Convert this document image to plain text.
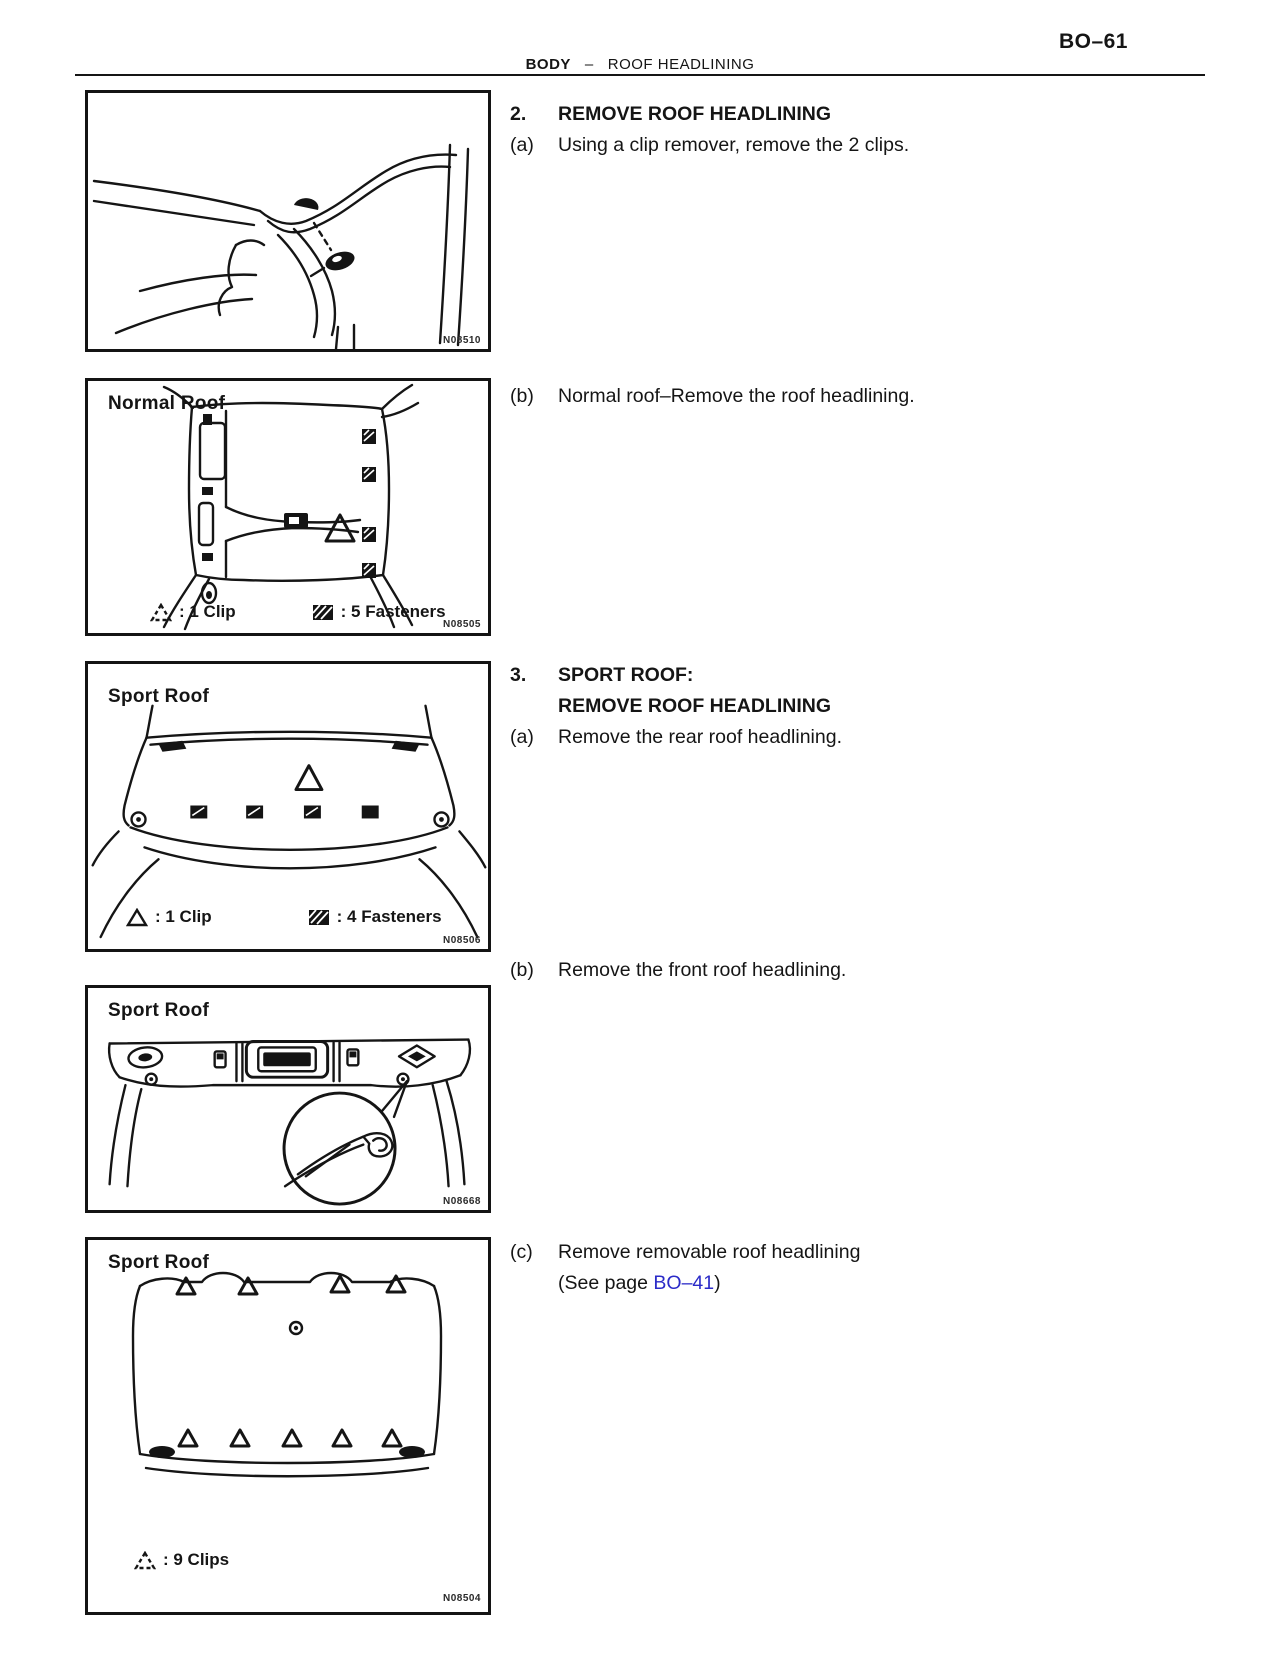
BO–61
BODY – ROOF HEADLINING
N08510
Normal Roof
: 1 Clip	: 5 Fasteners
N08505
Sport Roof
: 1 Clip	: 4 Fasteners
N08506
Sport Roof
N08668
Sport Roof
: 9 Clips
N08504
2.	REMOVE ROOF HEADLINING
(a)	Using a clip remover, remove the 2 clips.
(b)	Normal roof–Remove the roof headlining.
3.	SPORT ROOF:
REMOVE ROOF HEADLINING
(a)	Remove the rear roof headlining.
(b)	Remove the front roof headlining.
(c)	Remove removable roof headlining
(See page BO–41)
